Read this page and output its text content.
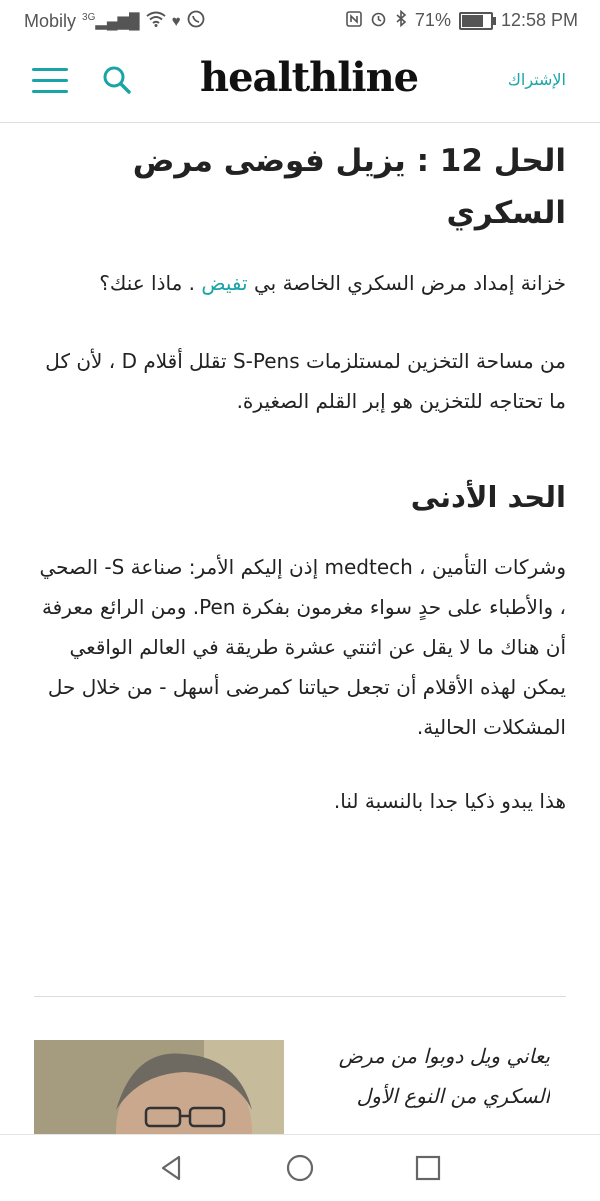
Mobily $^{3G}$▂▄▆█ ♥	71%	12:58 PM
healthline	الإشتراك
الحل 12 : يزيل فوضى مرض السكري

خزانة إمداد مرض السكري الخاصة بي تفيض . ماذا عنك؟

من مساحة التخزين لمستلزمات S-Pens تقلل أقلام D ، لأن كل ما تحتاجه للتخزين هو إبر القلم الصغيرة.

الحد الأدنى

وشركات التأمين ، medtech إذن إليكم الأمر: صناعة S- الصحي ، والأطباء على حدٍ سواء مغرمون بفكرة Pen. ومن الرائع معرفة أن هناك ما لا يقل عن اثنتي عشرة طريقة في العالم الواقعي يمكن لهذه الأقلام أن تجعل حياتنا كمرضى أسهل - من خلال حل المشكلات الحالية.

هذا يبدو ذكيا جدا بالنسبة لنا.

يعاني ويل دوبوا من مرض السكري من النوع الأول
